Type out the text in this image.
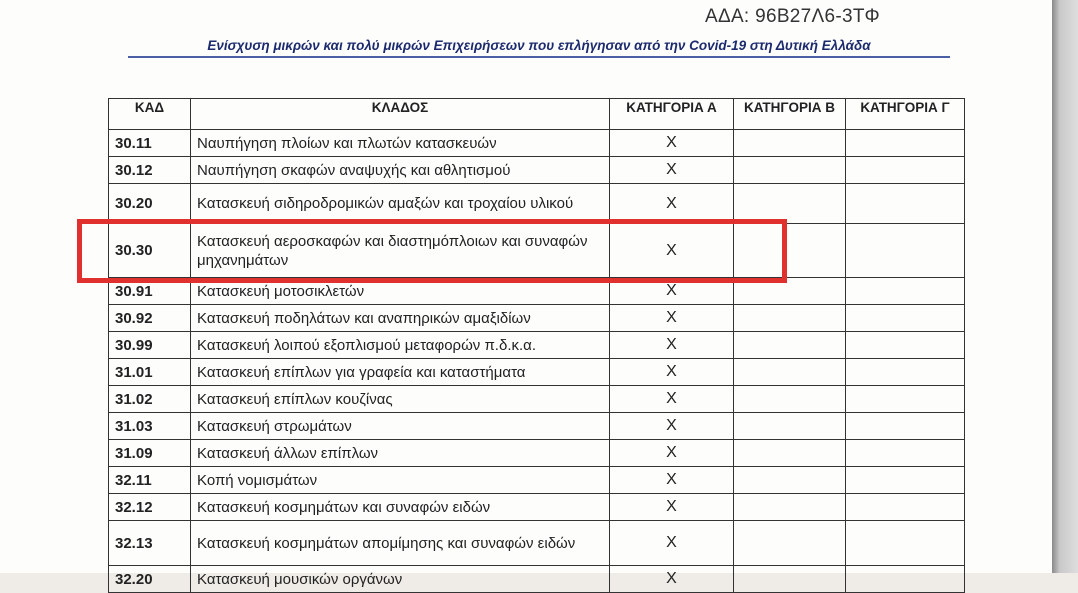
ΑΔΑ: 96Β27Λ6-3ΤΦ
Ενίσχυση μικρών και πολύ μικρών Επιχειρήσεων που επλήγησαν από την Covid-19 στη Δυτική Ελλάδα
ΚΑΔ	ΚΛΑΔΟΣ	ΚΑΤΗΓΟΡΙΑ Α	ΚΑΤΗΓΟΡΙΑ Β	ΚΑΤΗΓΟΡΙΑ Γ
30.11	Ναυπήγηση πλοίων και πλωτών κατασκευών	Χ		
30.12	Ναυπήγηση σκαφών αναψυχής και αθλητισμού	Χ		
30.20	Κατασκευή σιδηροδρομικών αμαξών και τροχαίου υλικού	Χ		
30.30	Κατασκευή αεροσκαφών και διαστημόπλοιων και συναφών μηχανημάτων	Χ		
30.91	Κατασκευή μοτοσικλετών	Χ		
30.92	Κατασκευή ποδηλάτων και αναπηρικών αμαξιδίων	Χ		
30.99	Κατασκευή λοιπού εξοπλισμού μεταφορών π.δ.κ.α.	Χ		
31.01	Κατασκευή επίπλων για γραφεία και καταστήματα	Χ		
31.02	Κατασκευή επίπλων κουζίνας	Χ		
31.03	Κατασκευή στρωμάτων	Χ		
31.09	Κατασκευή άλλων επίπλων	Χ		
32.11	Κοπή νομισμάτων	Χ		
32.12	Κατασκευή κοσμημάτων και συναφών ειδών	Χ		
32.13	Κατασκευή κοσμημάτων απομίμησης και συναφών ειδών	Χ		
32.20	Κατασκευή μουσικών οργάνων	Χ		
